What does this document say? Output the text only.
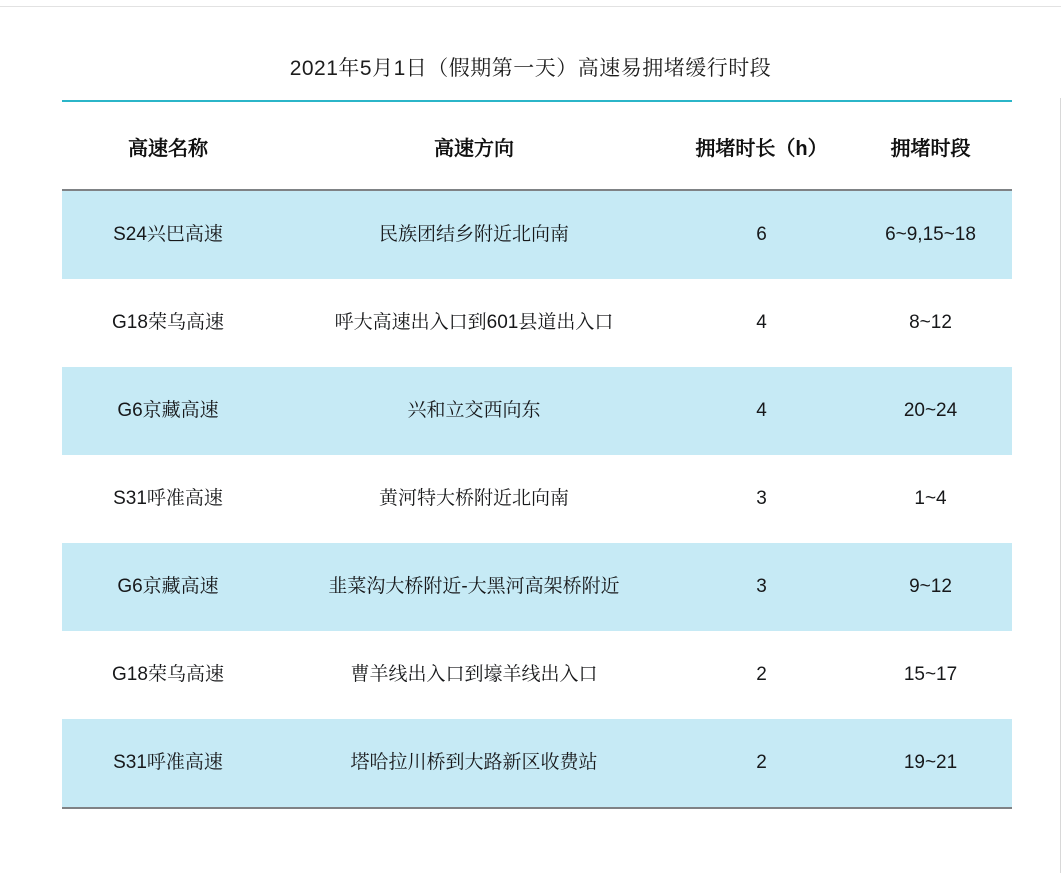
2021年5月1日（假期第一天）高速易拥堵缓行时段
高速名称	高速方向	拥堵时长（h）	拥堵时段
S24兴巴高速	民族团结乡附近北向南	6	6~9,15~18
G18荣乌高速	呼大高速出入口到601县道出入口	4	8~12
G6京藏高速	兴和立交西向东	4	20~24
S31呼准高速	黄河特大桥附近北向南	3	1~4
G6京藏高速	韭菜沟大桥附近-大黑河高架桥附近	3	9~12
G18荣乌高速	曹羊线出入口到壕羊线出入口	2	15~17
S31呼准高速	塔哈拉川桥到大路新区收费站	2	19~21
